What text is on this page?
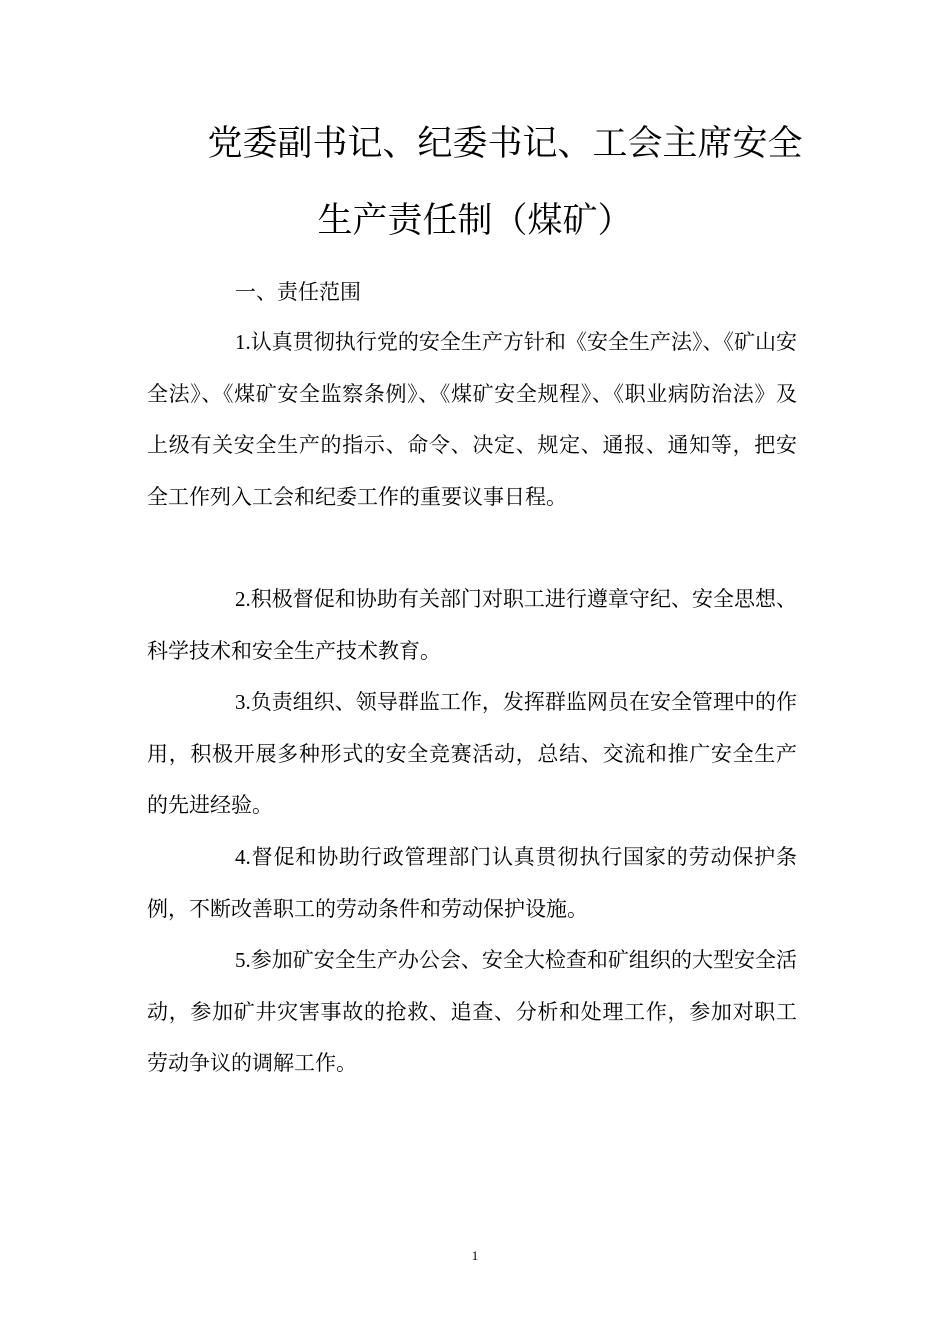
党委副书记、纪委书记、工会主席安全
生产责任制（煤矿）
一、责任范围

1.认真贯彻执行党的安全生产方针和《安全生产法》、《矿山安全法》、《煤矿安全监察条例》、《煤矿安全规程》、《职业病防治法》及上级有关安全生产的指示、命令、决定、规定、通报、通知等，把安全工作列入工会和纪委工作的重要议事日程。

2.积极督促和协助有关部门对职工进行遵章守纪、安全思想、科学技术和安全生产技术教育。

3.负责组织、领导群监工作，发挥群监网员在安全管理中的作用，积极开展多种形式的安全竞赛活动，总结、交流和推广安全生产的先进经验。

4.督促和协助行政管理部门认真贯彻执行国家的劳动保护条例，不断改善职工的劳动条件和劳动保护设施。

5.参加矿安全生产办公会、安全大检查和矿组织的大型安全活动，参加矿井灾害事故的抢救、追查、分析和处理工作，参加对职工劳动争议的调解工作。

1
